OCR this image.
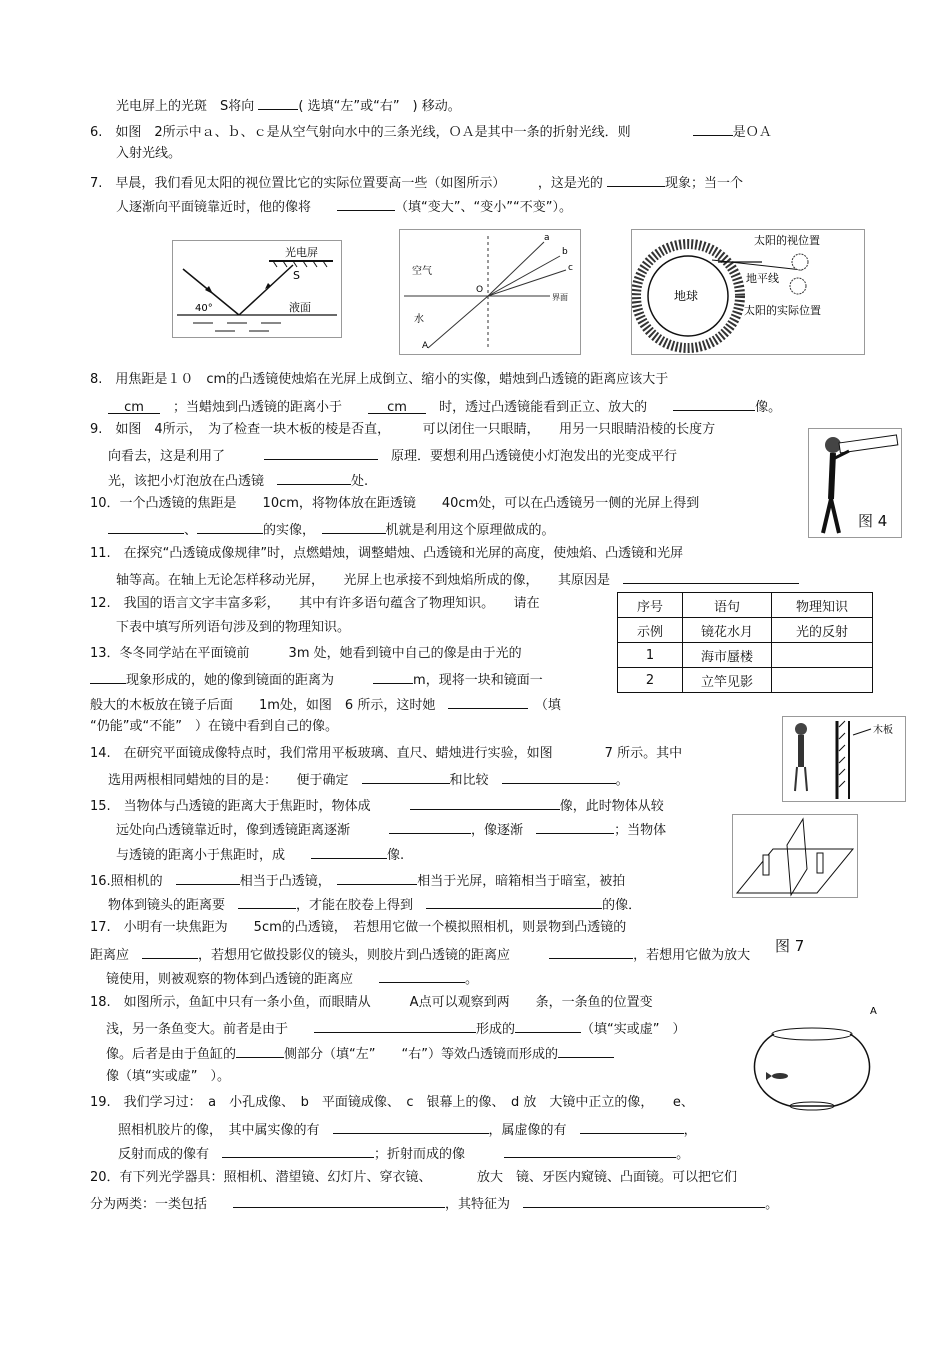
光电屏上的光斑　S将向	( 选填“左”或“右”　) 移动。
6.　如图　2所示中ａ、ｂ、ｃ是从空气射向水中的三条光线，ＯＡ是其中一条的折射光线．则	是ＯＡ
入射光线。
7.　早晨，我们看见太阳的视位置比它的实际位置要高一些（如图所示）　　　，这是光的	现象；当一个
人逐渐向平面镜靠近时，他的像将　　	（填“变大”、“变小”“不变”）。
光电屏
S
40°	液面
空气
水
O
A
a
b
c
界面
太阳的视位置
地平线
地球
太阳的实际位置
8.　用焦距是１０　cm的凸透镜使烛焰在光屏上成倒立、缩小的实像，蜡烛到凸透镜的距离应该大于
cm　 ；当蜡烛到凸透镜的距离小于　　	cm　 时，透过凸透镜能看到正立、放大的　　	像。
9.　如图　4所示，　为了检查一块木板的棱是否直，　　　可以闭住一只眼睛，　　用另一只眼睛沿棱的长度方
向看去，这是利用了　　　　	原理．要想利用凸透镜使小灯泡发出的光变成平行
光，该把小灯泡放在凸透镜　	处.
图 4
10．一个凸透镜的焦距是　　10cm，将物体放在距透镜　　40cm处，可以在凸透镜另一侧的光屏上得到
、	的实像，　	机就是利用这个原理做成的。
11.　在探究“凸透镜成像规律”时，点燃蜡烛，调整蜡烛、凸透镜和光屏的高度，使烛焰、凸透镜和光屏
轴等高。在轴上无论怎样移动光屏，　　光屏上也承接不到烛焰所成的像，　　其原因是　
12.　我国的语言文字丰富多彩，　　其中有许多语句蕴含了物理知识。　　请在
下表中填写所列语句涉及到的物理知识。
序号	语句	物理知识
示例	镜花水月	光的反射
1	海市蜃楼	
2	立竿见影	
13．冬冬同学站在平面镜前　　　3m 处，她看到镜中自己的像是由于光的
现象形成的，她的像到镜面的距离为　　　	m，现将一块和镜面一
般大的木板放在镜子后面　　1m处，如图　6 所示，这时她　　	（填
“仍能”或“不能”　）在镜中看到自己的像。	木板
14.　在研究平面镜成像特点时，我们常用平板玻璃、直尺、蜡烛进行实验，如图　　　　7 所示。其中
选用两根相同蜡烛的目的是：　　便于确定　	和比较　	。
15.　当物体与凸透镜的距离大于焦距时，物体成　　　	像，此时物体从较
远处向凸透镜靠近时，像到透镜距离逐渐　　　	，像逐渐　	；当物体
与透镜的距离小于焦距时，成　　	像.
图 7
16.照相机的　	相当于凸透镜，　	相当于光屏，暗箱相当于暗室，被拍
物体到镜头的距离要　	，才能在胶卷上得到　	的像．
17.　小明有一块焦距为　　5cm的凸透镜，　若想用它做一个模拟照相机，则景物到凸透镜的
距离应　	，若想用它做投影仪的镜头，则胶片到凸透镜的距离应　　　	，若想用它做为放大
镜使用，则被观察的物体到凸透镜的距离应　　	。
18.　如图所示，鱼缸中只有一条小鱼，而眼睛从　　　A点可以观察到两　　条，一条鱼的位置变
浅，另一条鱼变大。前者是由于　　	形成的	（填“实或虚”　）
像。后者是由于鱼缸的	侧部分（填“左”　　“右”）等效凸透镜而形成的
像（填“实或虚”　）。
A
19.　我们学习过：　a　小孔成像、　b　平面镜成像、　c　银幕上的像、　d 放　大镜中正立的像，　　e、
照相机胶片的像，　其中属实像的有　	，属虚像的有　	，
反射而成的像有　	；折射而成的像　　　	。
20．有下列光学器具：照相机、潜望镜、幻灯片、穿衣镜、　　　　放大　镜、牙医内窥镜、凸面镜。可以把它们
分为两类：一类包括　　	，其特征为　	。
